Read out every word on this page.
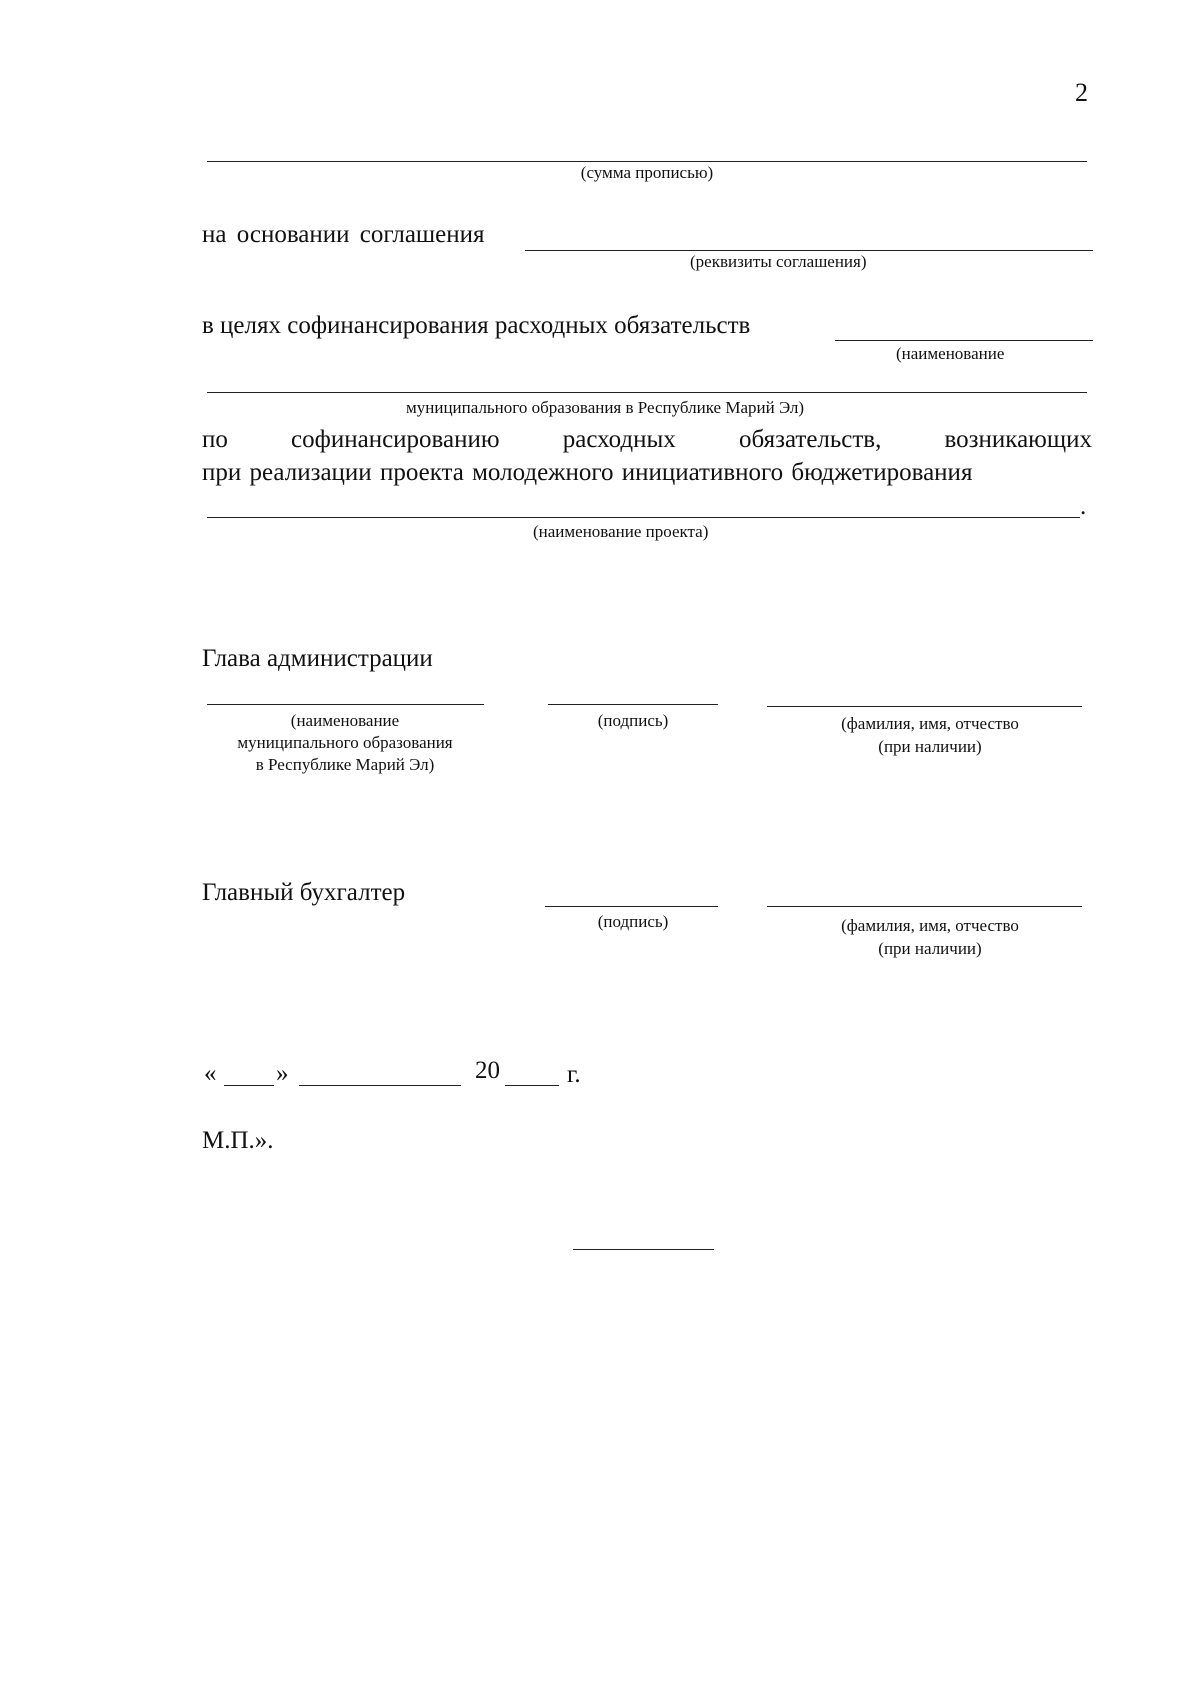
2
(сумма прописью)
на основании соглашения
(реквизиты соглашения)
в целях софинансирования расходных обязательств
(наименование
муниципального образования в Республике Марий Эл)
по	софинансированию	расходных	обязательств,	возникающих
при реализации проекта молодежного инициативного бюджетирования
.
(наименование проекта)
Глава администрации
(наименование
муниципального образования
в Республике Марий Эл)
(подпись)	(фамилия, имя, отчество
(при наличии)
Главный бухгалтер
(подпись)	(фамилия, имя, отчество
(при наличии)
« »	20	г.
М.П.».
